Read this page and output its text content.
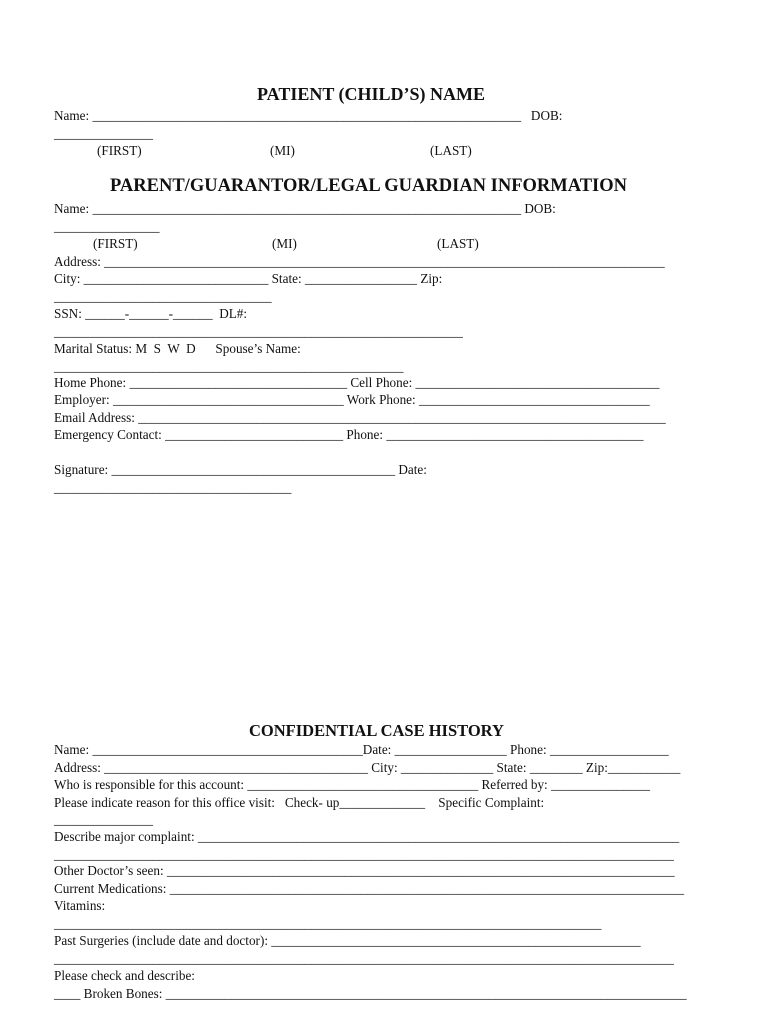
PATIENT (CHILD’S) NAME
Name: _________________________________________________________________   DOB:
_______________
(FIRST)	(MI)	(LAST)
PARENT/GUARANTOR/LEGAL GUARDIAN INFORMATION
Name: _________________________________________________________________ DOB:
________________
(FIRST)	(MI)	(LAST)
Address: _____________________________________________________________________________________
City: ____________________________ State: _________________ Zip:
_________________________________
SSN: ______-______-______  DL#:
______________________________________________________________
Marital Status: M  S  W  D      Spouse’s Name:
_____________________________________________________
Home Phone: _________________________________ Cell Phone: _____________________________________
Employer: ___________________________________ Work Phone: ___________________________________
Email Address: ________________________________________________________________________________
Emergency Contact: ___________________________ Phone: _______________________________________
Signature: ___________________________________________ Date:
____________________________________
CONFIDENTIAL CASE HISTORY
Name: _________________________________________Date: _________________ Phone: __________________
Address: ________________________________________ City: ______________ State: ________ Zip:___________
Who is responsible for this account: ___________________________________ Referred by: _______________
Please indicate reason for this office visit:   Check- up_____________    Specific Complaint:
_______________
Describe major complaint: _________________________________________________________________________
______________________________________________________________________________________________
Other Doctor’s seen: _____________________________________________________________________________
Current Medications: ______________________________________________________________________________
Vitamins:
___________________________________________________________________________________
Past Surgeries (include date and doctor): ________________________________________________________
______________________________________________________________________________________________
Please check and describe:
____ Broken Bones: _______________________________________________________________________________
